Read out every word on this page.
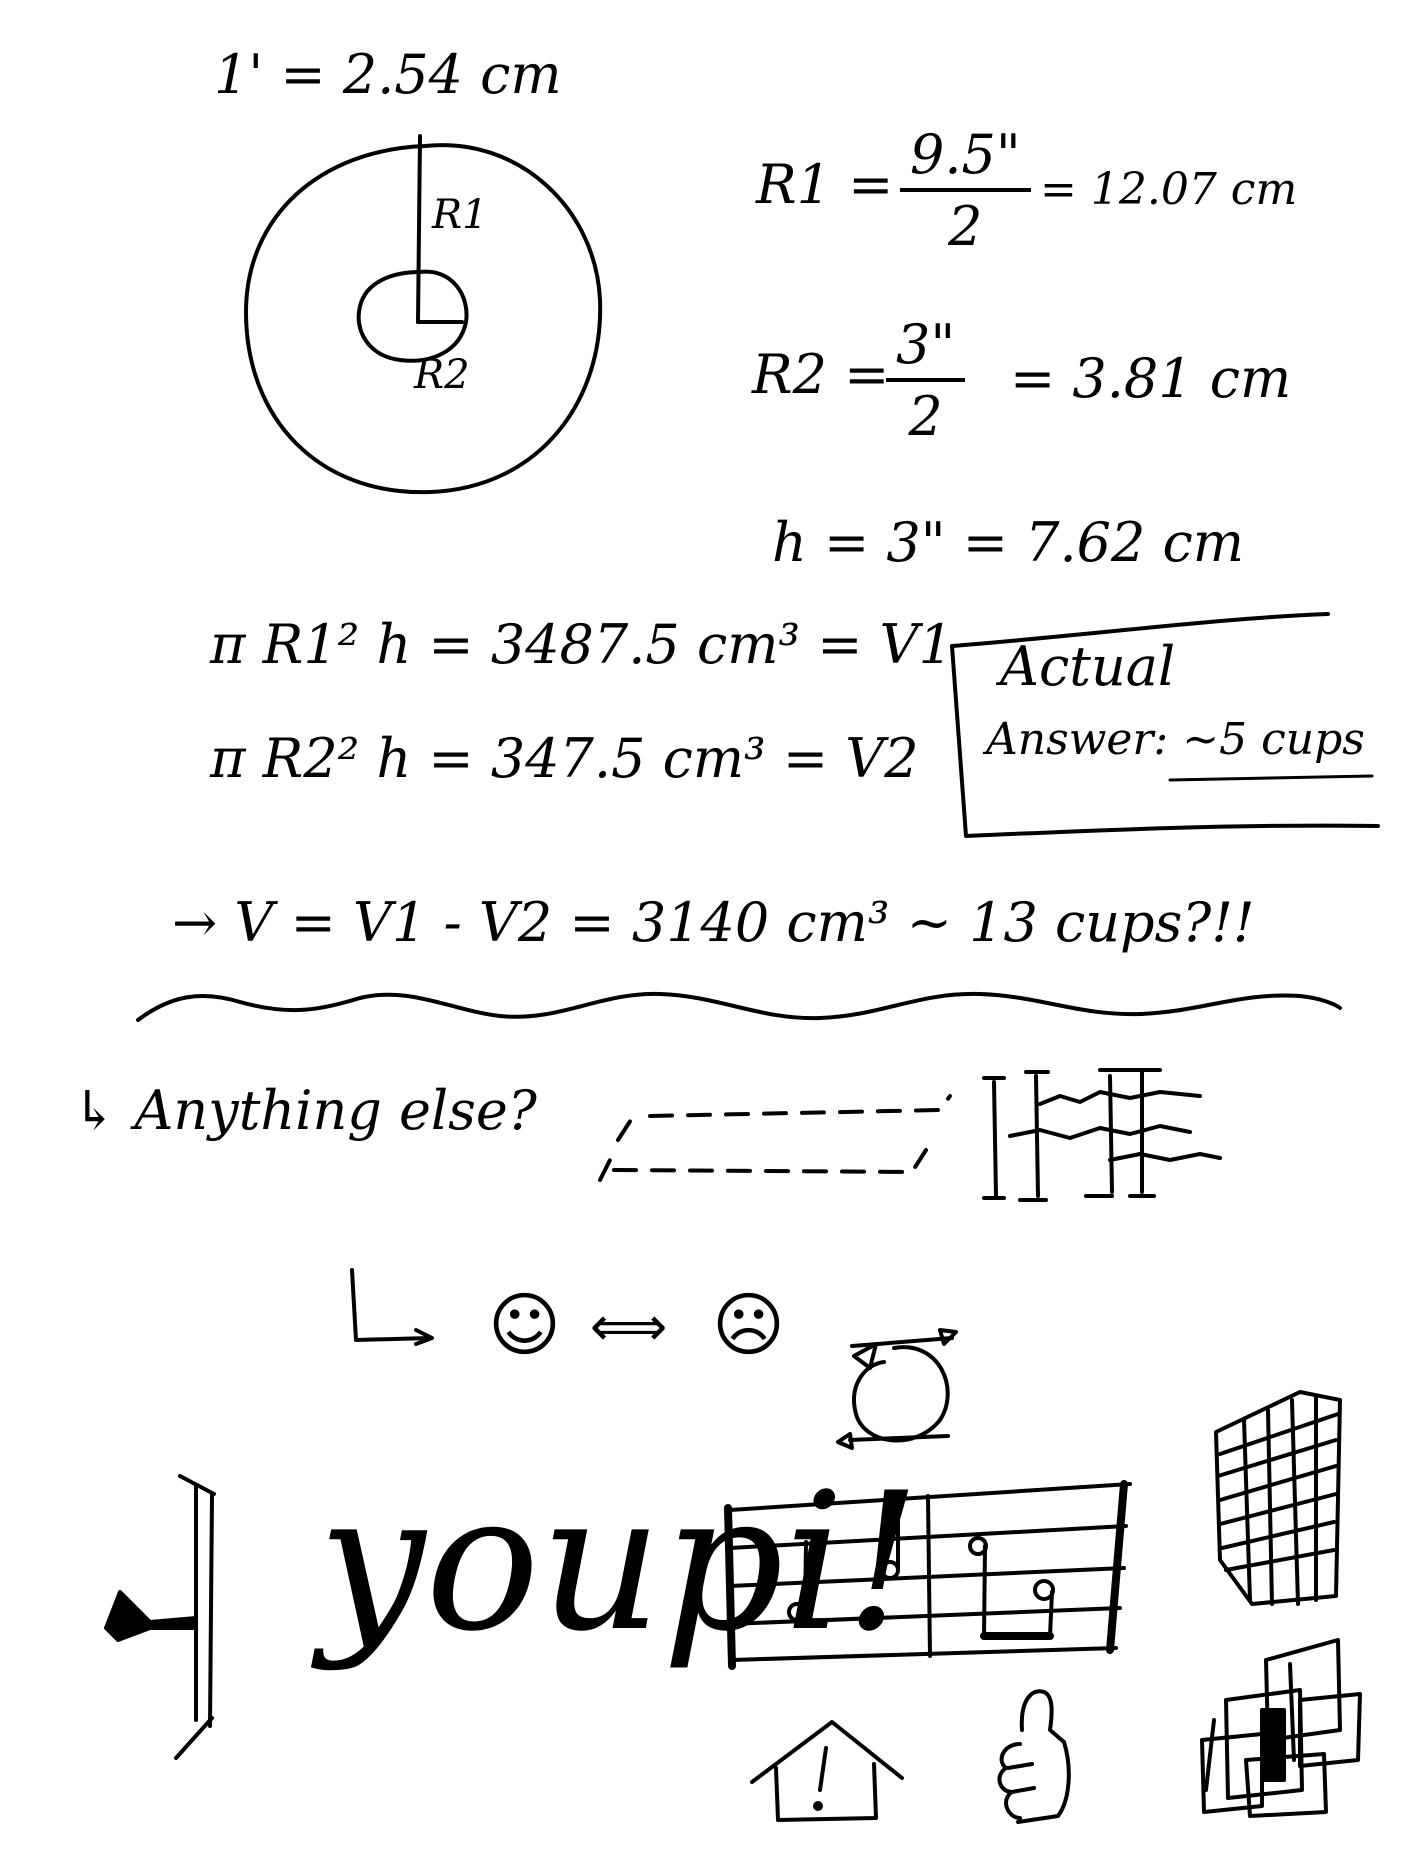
1' = 2.54 cm
$R1 = \frac{9.5"}{2} = 12.07$ cm
R2 =
$\frac{3"}{2} = 3.81$ cm
h = 3" = 7.62 cm
π R1² h = 3487.5 cm³ = V1
π R2² h = 347.5 cm³ = V2
Actual
Answer: ~5 cups
→ V = V1 - V2 = 3140 cm³ ~ 13 cups?!!
↳ Anything else?
☺ ⟺ ☹
youpi!
R1
R2
